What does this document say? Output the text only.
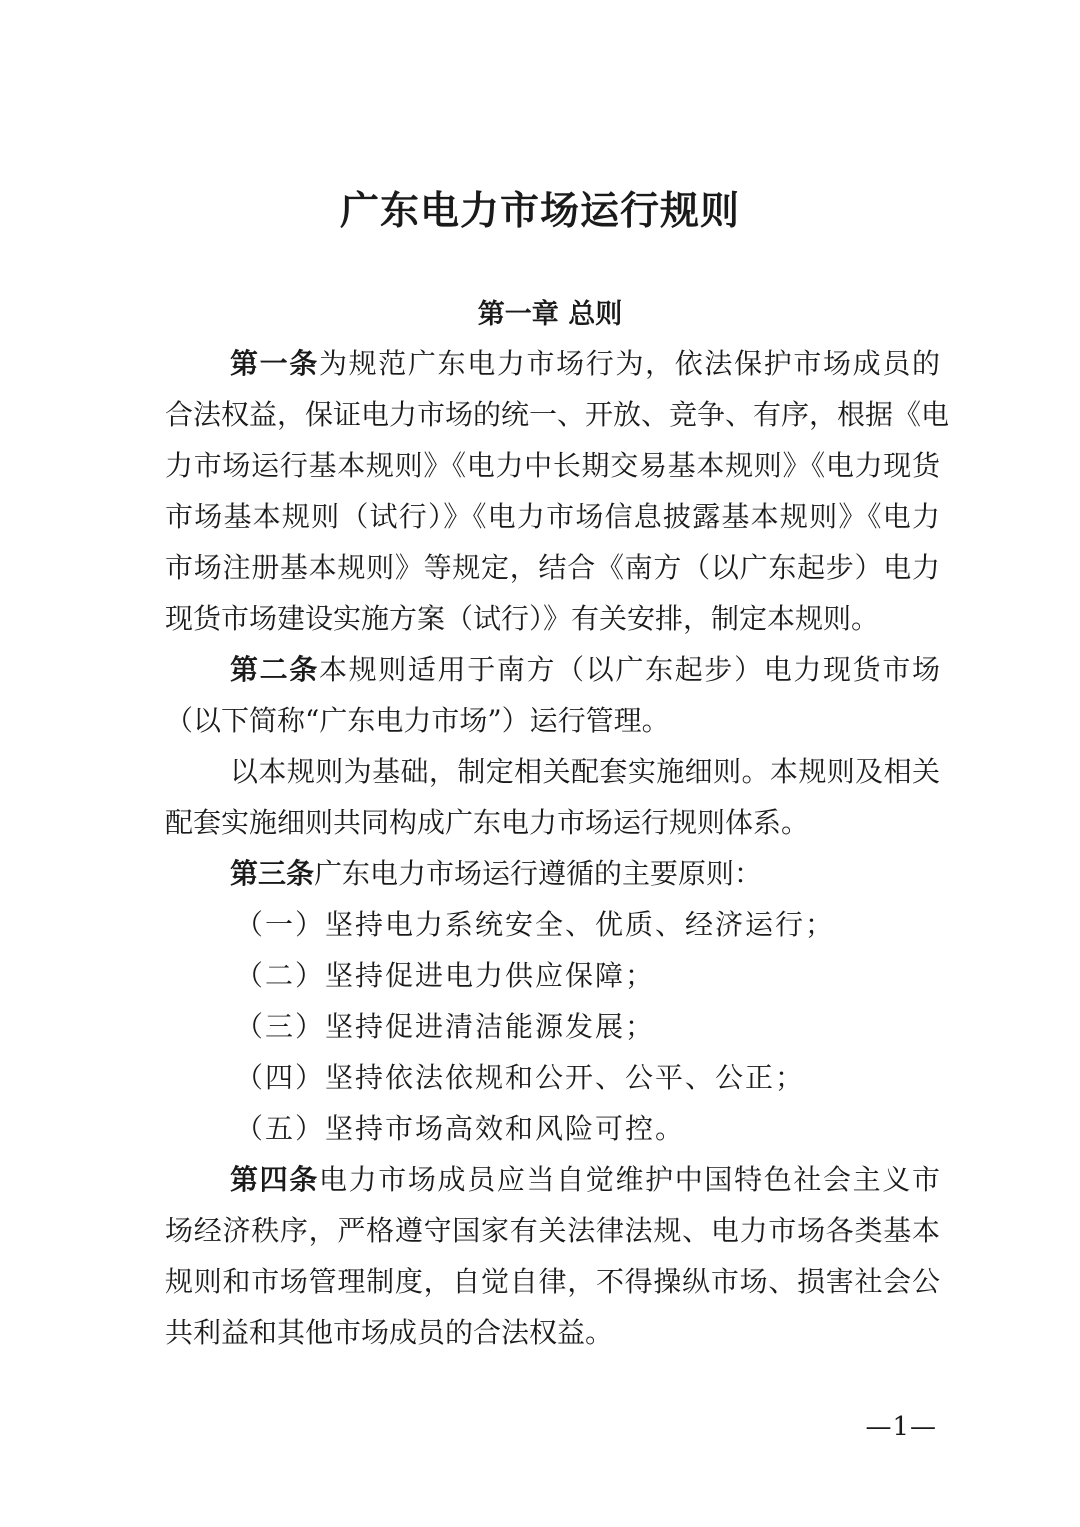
广东电力市场运行规则
第一章 总则
第一条为规范广东电力市场行为，依法保护市场成员的
合法权益，保证电力市场的统一、开放、竞争、有序，根据《电
力市场运行基本规则》《电力中长期交易基本规则》《电力现货
市场基本规则（试行）》《电力市场信息披露基本规则》《电力
市场注册基本规则》等规定，结合《南方（以广东起步）电力
现货市场建设实施方案（试行）》有关安排，制定本规则。
第二条本规则适用于南方（以广东起步）电力现货市场
（以下简称“广东电力市场”）运行管理。
以本规则为基础，制定相关配套实施细则。本规则及相关
配套实施细则共同构成广东电力市场运行规则体系。
第三条广东电力市场运行遵循的主要原则：
（一）坚持电力系统安全、优质、经济运行；
（二）坚持促进电力供应保障；
（三）坚持促进清洁能源发展；
（四）坚持依法依规和公开、公平、公正；
（五）坚持市场高效和风险可控。
第四条电力市场成员应当自觉维护中国特色社会主义市
场经济秩序，严格遵守国家有关法律法规、电力市场各类基本
规则和市场管理制度，自觉自律，不得操纵市场、损害社会公
共利益和其他市场成员的合法权益。
—1—
